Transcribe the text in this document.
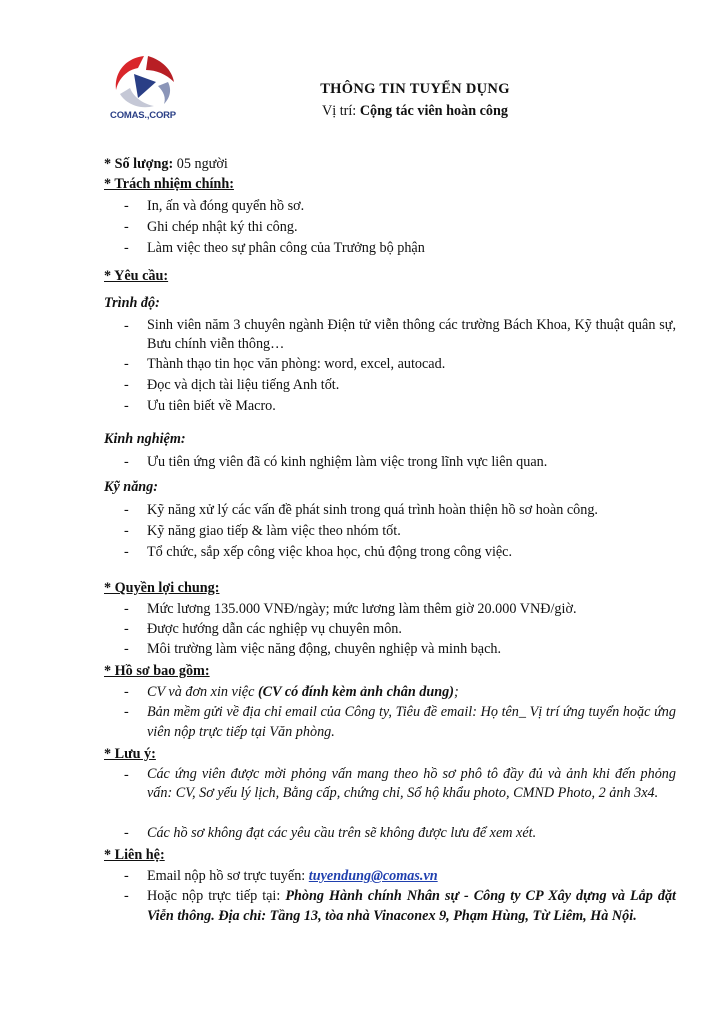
COMAS.,CORP
THÔNG TIN TUYỂN DỤNG
Vị trí: Cộng tác viên hoàn công
* Số lượng: 05 người
* Trách nhiệm chính:
- In, ấn và đóng quyển hồ sơ.
- Ghi chép nhật ký thi công.
- Làm việc theo sự phân công của Trưởng bộ phận
* Yêu cầu:
Trình độ:
- Sinh viên năm 3 chuyên ngành Điện tử viễn thông các trường Bách Khoa, Kỹ thuật quân sự, Bưu chính viễn thông…
- Thành thạo tin học văn phòng: word, excel, autocad.
- Đọc và dịch tài liệu tiếng Anh tốt.
- Ưu tiên biết về Macro.
Kinh nghiệm:
- Ưu tiên ứng viên đã có kinh nghiệm làm việc trong lĩnh vực liên quan.
Kỹ năng:
- Kỹ năng xử lý các vấn đề phát sinh trong quá trình hoàn thiện hồ sơ hoàn công.
- Kỹ năng giao tiếp & làm việc theo nhóm tốt.
- Tổ chức, sắp xếp công việc khoa học, chủ động trong công việc.
* Quyền lợi chung:
- Mức lương 135.000 VNĐ/ngày; mức lương làm thêm giờ 20.000 VNĐ/giờ.
- Được hướng dẫn các nghiệp vụ chuyên môn.
- Môi trường làm việc năng động, chuyên nghiệp và minh bạch.
* Hồ sơ bao gồm:
- CV và đơn xin việc (CV có đính kèm ảnh chân dung);
- Bản mềm gửi về địa chỉ email của Công ty, Tiêu đề email: Họ tên_ Vị trí ứng tuyển hoặc ứng viên nộp trực tiếp tại Văn phòng.
* Lưu ý:
- Các ứng viên được mời phỏng vấn mang theo hồ sơ phô tô đầy đủ và ảnh khi đến phỏng vấn: CV, Sơ yếu lý lịch, Bằng cấp, chứng chỉ, Sổ hộ khẩu photo, CMND Photo, 2 ảnh 3x4.
- Các hồ sơ không đạt các yêu cầu trên sẽ không được lưu để xem xét.
* Liên hệ:
- Email nộp hồ sơ trực tuyến: tuyendung@comas.vn
- Hoặc nộp trực tiếp tại: Phòng Hành chính Nhân sự - Công ty CP Xây dựng và Lắp đặt Viễn thông. Địa chỉ: Tầng 13, tòa nhà Vinaconex 9, Phạm Hùng, Từ Liêm, Hà Nội.
